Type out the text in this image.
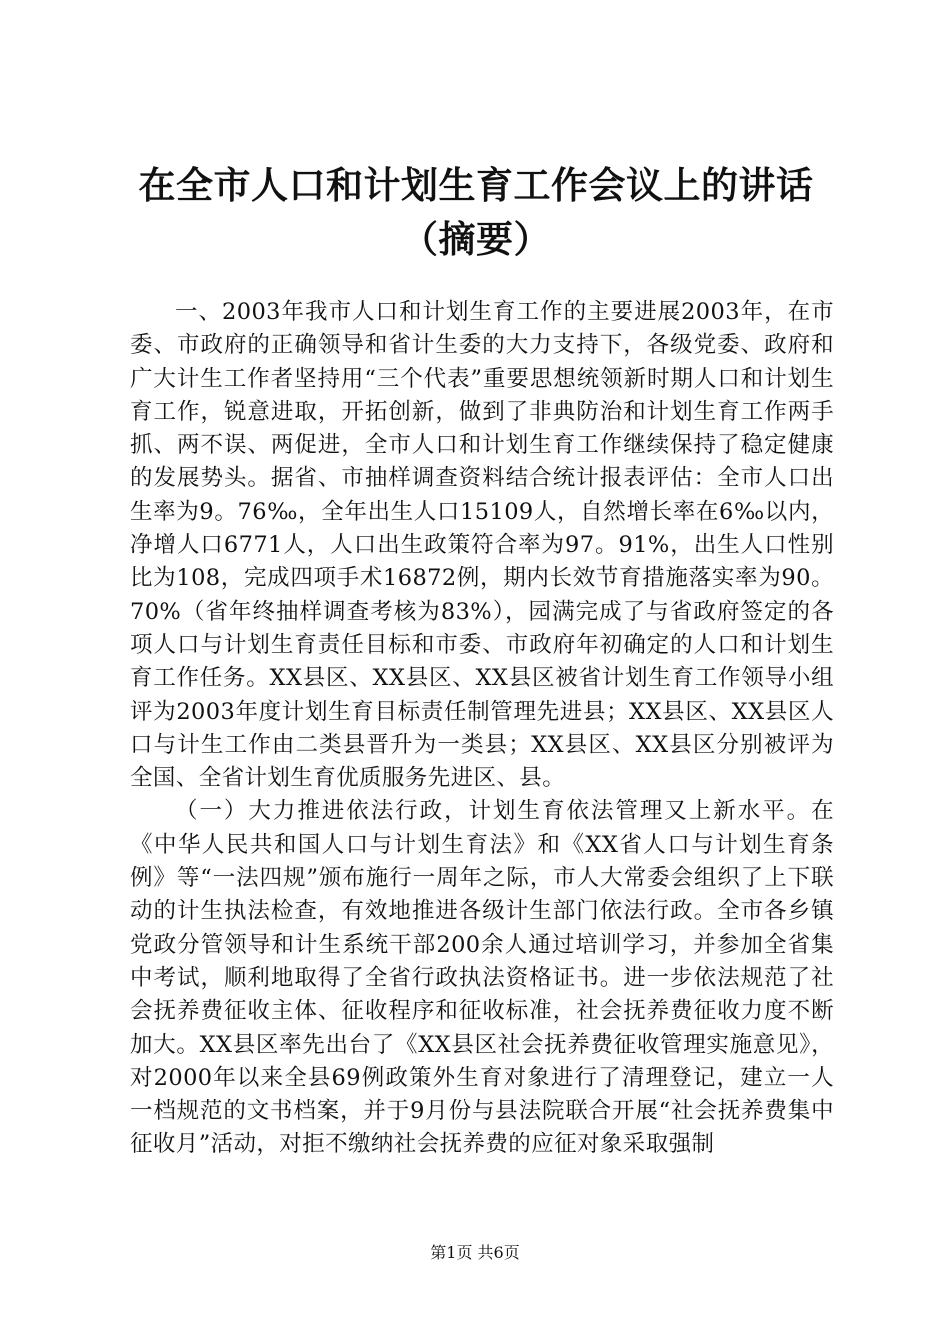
在全市人口和计划生育工作会议上的讲话（摘要）

一、2003年我市人口和计划生育工作的主要进展2003年，在市委、市政府的正确领导和省计生委的大力支持下，各级党委、政府和广大计生工作者坚持用“三个代表”重要思想统领新时期人口和计划生育工作，锐意进取，开拓创新，做到了非典防治和计划生育工作两手抓、两不误、两促进，全市人口和计划生育工作继续保持了稳定健康的发展势头。据省、市抽样调查资料结合统计报表评估：全市人口出生率为9。76‰，全年出生人口15109人，自然增长率在6‰以内，净增人口6771人，人口出生政策符合率为97。91%，出生人口性别比为108，完成四项手术16872例，期内长效节育措施落实率为90。70%（省年终抽样调查考核为83%），园满完成了与省政府签定的各项人口与计划生育责任目标和市委、市政府年初确定的人口和计划生育工作任务。XX县区、XX县区、XX县区被省计划生育工作领导小组评为2003年度计划生育目标责任制管理先进县；XX县区、XX县区人口与计生工作由二类县晋升为一类县；XX县区、XX县区分别被评为全国、全省计划生育优质服务先进区、县。

（一）大力推进依法行政，计划生育依法管理又上新水平。在《中华人民共和国人口与计划生育法》和《XX省人口与计划生育条例》等“一法四规”颁布施行一周年之际，市人大常委会组织了上下联动的计生执法检查，有效地推进各级计生部门依法行政。全市各乡镇党政分管领导和计生系统干部200余人通过培训学习，并参加全省集中考试，顺利地取得了全省行政执法资格证书。进一步依法规范了社会抚养费征收主体、征收程序和征收标准，社会抚养费征收力度不断加大。XX县区率先出台了《XX县区社会抚养费征收管理实施意见》，对2000年以来全县69例政策外生育对象进行了清理登记，建立一人一档规范的文书档案，并于9月份与县法院联合开展“社会抚养费集中征收月”活动，对拒不缴纳社会抚养费的应征对象采取强制

第1页 共6页
